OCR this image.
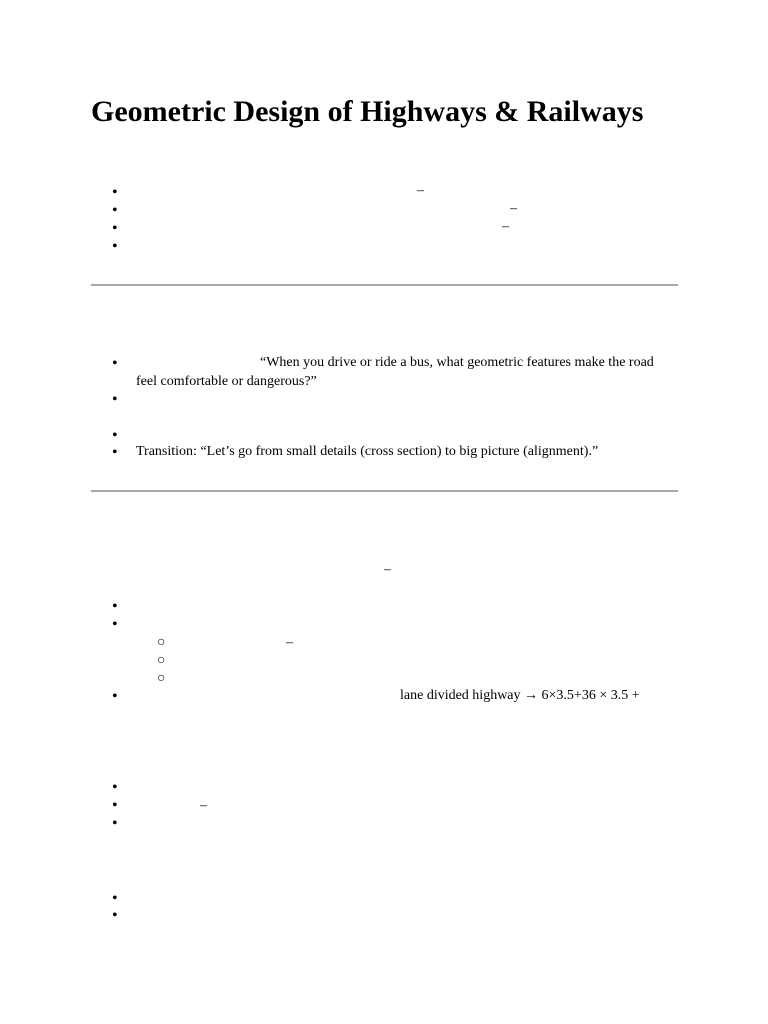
Geometric Design of Highways & Railways
•
•
•
•
–
–
–
•	“When you drive or ride a bus, what geometric features make the road feel comfortable or dangerous?”
•
•
• Transition: “Let’s go from small details (cross section) to big picture (alignment).”
–
•
•
○	–
○
○
•	lane divided highway → 6×3.5+36 × 3.5 +
•
•	–
•
•
•
